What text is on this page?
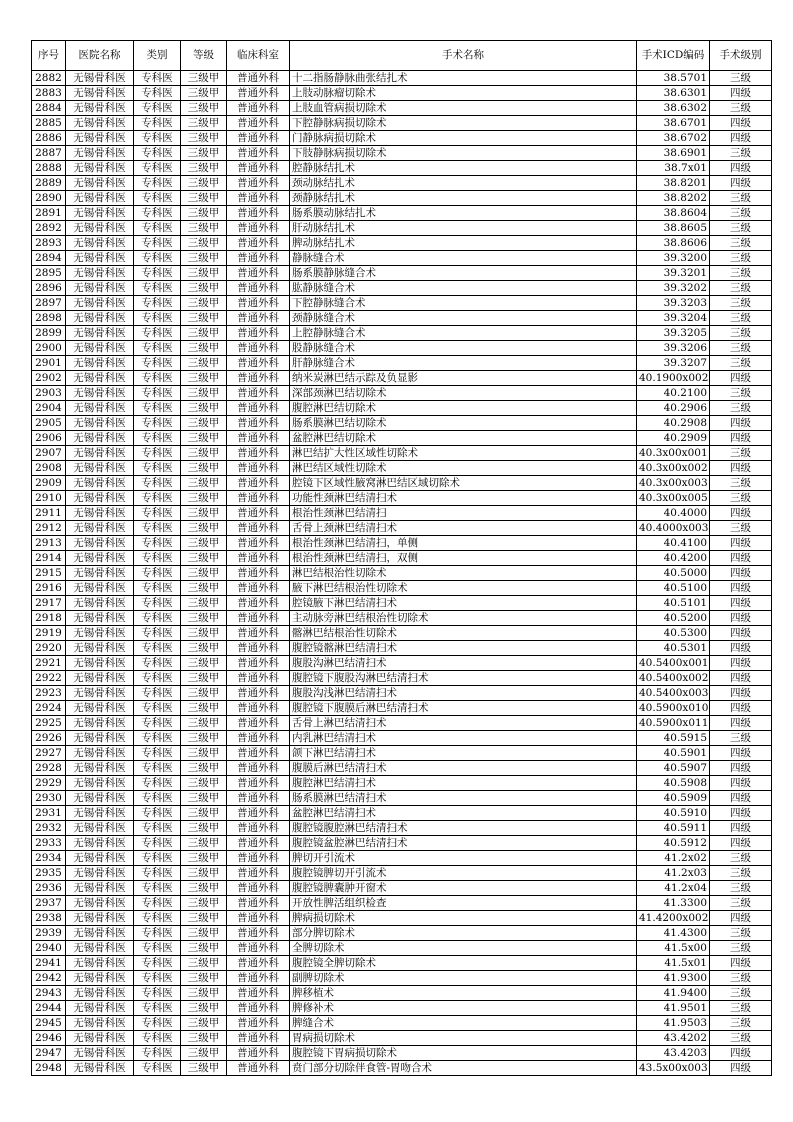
序号	医院名称	类别	等级	临床科室	手术名称	手术ICD编码	手术级别
2882	无锡骨科医	专科医	三级甲	普通外科	十二指肠静脉曲张结扎术	38.5701	三级
2883	无锡骨科医	专科医	三级甲	普通外科	上肢动脉瘤切除术	38.6301	四级
2884	无锡骨科医	专科医	三级甲	普通外科	上肢血管病损切除术	38.6302	三级
2885	无锡骨科医	专科医	三级甲	普通外科	下腔静脉病损切除术	38.6701	四级
2886	无锡骨科医	专科医	三级甲	普通外科	门静脉病损切除术	38.6702	四级
2887	无锡骨科医	专科医	三级甲	普通外科	下肢静脉病损切除术	38.6901	三级
2888	无锡骨科医	专科医	三级甲	普通外科	腔静脉结扎术	38.7x01	四级
2889	无锡骨科医	专科医	三级甲	普通外科	颈动脉结扎术	38.8201	四级
2890	无锡骨科医	专科医	三级甲	普通外科	颈静脉结扎术	38.8202	三级
2891	无锡骨科医	专科医	三级甲	普通外科	肠系膜动脉结扎术	38.8604	三级
2892	无锡骨科医	专科医	三级甲	普通外科	肝动脉结扎术	38.8605	三级
2893	无锡骨科医	专科医	三级甲	普通外科	脾动脉结扎术	38.8606	三级
2894	无锡骨科医	专科医	三级甲	普通外科	静脉缝合术	39.3200	三级
2895	无锡骨科医	专科医	三级甲	普通外科	肠系膜静脉缝合术	39.3201	三级
2896	无锡骨科医	专科医	三级甲	普通外科	肱静脉缝合术	39.3202	三级
2897	无锡骨科医	专科医	三级甲	普通外科	下腔静脉缝合术	39.3203	三级
2898	无锡骨科医	专科医	三级甲	普通外科	颈静脉缝合术	39.3204	三级
2899	无锡骨科医	专科医	三级甲	普通外科	上腔静脉缝合术	39.3205	三级
2900	无锡骨科医	专科医	三级甲	普通外科	股静脉缝合术	39.3206	三级
2901	无锡骨科医	专科医	三级甲	普通外科	肝静脉缝合术	39.3207	三级
2902	无锡骨科医	专科医	三级甲	普通外科	纳米炭淋巴结示踪及负显影	40.1900x002	四级
2903	无锡骨科医	专科医	三级甲	普通外科	深部颈淋巴结切除术	40.2100	三级
2904	无锡骨科医	专科医	三级甲	普通外科	腹腔淋巴结切除术	40.2906	三级
2905	无锡骨科医	专科医	三级甲	普通外科	肠系膜淋巴结切除术	40.2908	四级
2906	无锡骨科医	专科医	三级甲	普通外科	盆腔淋巴结切除术	40.2909	四级
2907	无锡骨科医	专科医	三级甲	普通外科	淋巴结扩大性区域性切除术	40.3x00x001	三级
2908	无锡骨科医	专科医	三级甲	普通外科	淋巴结区域性切除术	40.3x00x002	四级
2909	无锡骨科医	专科医	三级甲	普通外科	腔镜下区域性腋窝淋巴结区域切除术	40.3x00x003	三级
2910	无锡骨科医	专科医	三级甲	普通外科	功能性颈淋巴结清扫术	40.3x00x005	三级
2911	无锡骨科医	专科医	三级甲	普通外科	根治性颈淋巴结清扫	40.4000	四级
2912	无锡骨科医	专科医	三级甲	普通外科	舌骨上颈淋巴结清扫术	40.4000x003	三级
2913	无锡骨科医	专科医	三级甲	普通外科	根治性颈淋巴结清扫，单侧	40.4100	四级
2914	无锡骨科医	专科医	三级甲	普通外科	根治性颈淋巴结清扫，双侧	40.4200	四级
2915	无锡骨科医	专科医	三级甲	普通外科	淋巴结根治性切除术	40.5000	四级
2916	无锡骨科医	专科医	三级甲	普通外科	腋下淋巴结根治性切除术	40.5100	四级
2917	无锡骨科医	专科医	三级甲	普通外科	腔镜腋下淋巴结清扫术	40.5101	四级
2918	无锡骨科医	专科医	三级甲	普通外科	主动脉旁淋巴结根治性切除术	40.5200	四级
2919	无锡骨科医	专科医	三级甲	普通外科	髂淋巴结根治性切除术	40.5300	四级
2920	无锡骨科医	专科医	三级甲	普通外科	腹腔镜髂淋巴结清扫术	40.5301	四级
2921	无锡骨科医	专科医	三级甲	普通外科	腹股沟淋巴结清扫术	40.5400x001	四级
2922	无锡骨科医	专科医	三级甲	普通外科	腹腔镜下腹股沟淋巴结清扫术	40.5400x002	四级
2923	无锡骨科医	专科医	三级甲	普通外科	腹股沟浅淋巴结清扫术	40.5400x003	四级
2924	无锡骨科医	专科医	三级甲	普通外科	腹腔镜下腹膜后淋巴结清扫术	40.5900x010	四级
2925	无锡骨科医	专科医	三级甲	普通外科	舌骨上淋巴结清扫术	40.5900x011	四级
2926	无锡骨科医	专科医	三级甲	普通外科	内乳淋巴结清扫术	40.5915	三级
2927	无锡骨科医	专科医	三级甲	普通外科	颌下淋巴结清扫术	40.5901	四级
2928	无锡骨科医	专科医	三级甲	普通外科	腹膜后淋巴结清扫术	40.5907	四级
2929	无锡骨科医	专科医	三级甲	普通外科	腹腔淋巴结清扫术	40.5908	四级
2930	无锡骨科医	专科医	三级甲	普通外科	肠系膜淋巴结清扫术	40.5909	四级
2931	无锡骨科医	专科医	三级甲	普通外科	盆腔淋巴结清扫术	40.5910	四级
2932	无锡骨科医	专科医	三级甲	普通外科	腹腔镜腹腔淋巴结清扫术	40.5911	四级
2933	无锡骨科医	专科医	三级甲	普通外科	腹腔镜盆腔淋巴结清扫术	40.5912	四级
2934	无锡骨科医	专科医	三级甲	普通外科	脾切开引流术	41.2x02	三级
2935	无锡骨科医	专科医	三级甲	普通外科	腹腔镜脾切开引流术	41.2x03	三级
2936	无锡骨科医	专科医	三级甲	普通外科	腹腔镜脾囊肿开窗术	41.2x04	三级
2937	无锡骨科医	专科医	三级甲	普通外科	开放性脾活组织检查	41.3300	三级
2938	无锡骨科医	专科医	三级甲	普通外科	脾病损切除术	41.4200x002	四级
2939	无锡骨科医	专科医	三级甲	普通外科	部分脾切除术	41.4300	三级
2940	无锡骨科医	专科医	三级甲	普通外科	全脾切除术	41.5x00	三级
2941	无锡骨科医	专科医	三级甲	普通外科	腹腔镜全脾切除术	41.5x01	四级
2942	无锡骨科医	专科医	三级甲	普通外科	副脾切除术	41.9300	三级
2943	无锡骨科医	专科医	三级甲	普通外科	脾移植术	41.9400	三级
2944	无锡骨科医	专科医	三级甲	普通外科	脾修补术	41.9501	三级
2945	无锡骨科医	专科医	三级甲	普通外科	脾缝合术	41.9503	三级
2946	无锡骨科医	专科医	三级甲	普通外科	胃病损切除术	43.4202	三级
2947	无锡骨科医	专科医	三级甲	普通外科	腹腔镜下胃病损切除术	43.4203	四级
2948	无锡骨科医	专科医	三级甲	普通外科	贲门部分切除伴食管-胃吻合术	43.5x00x003	四级
